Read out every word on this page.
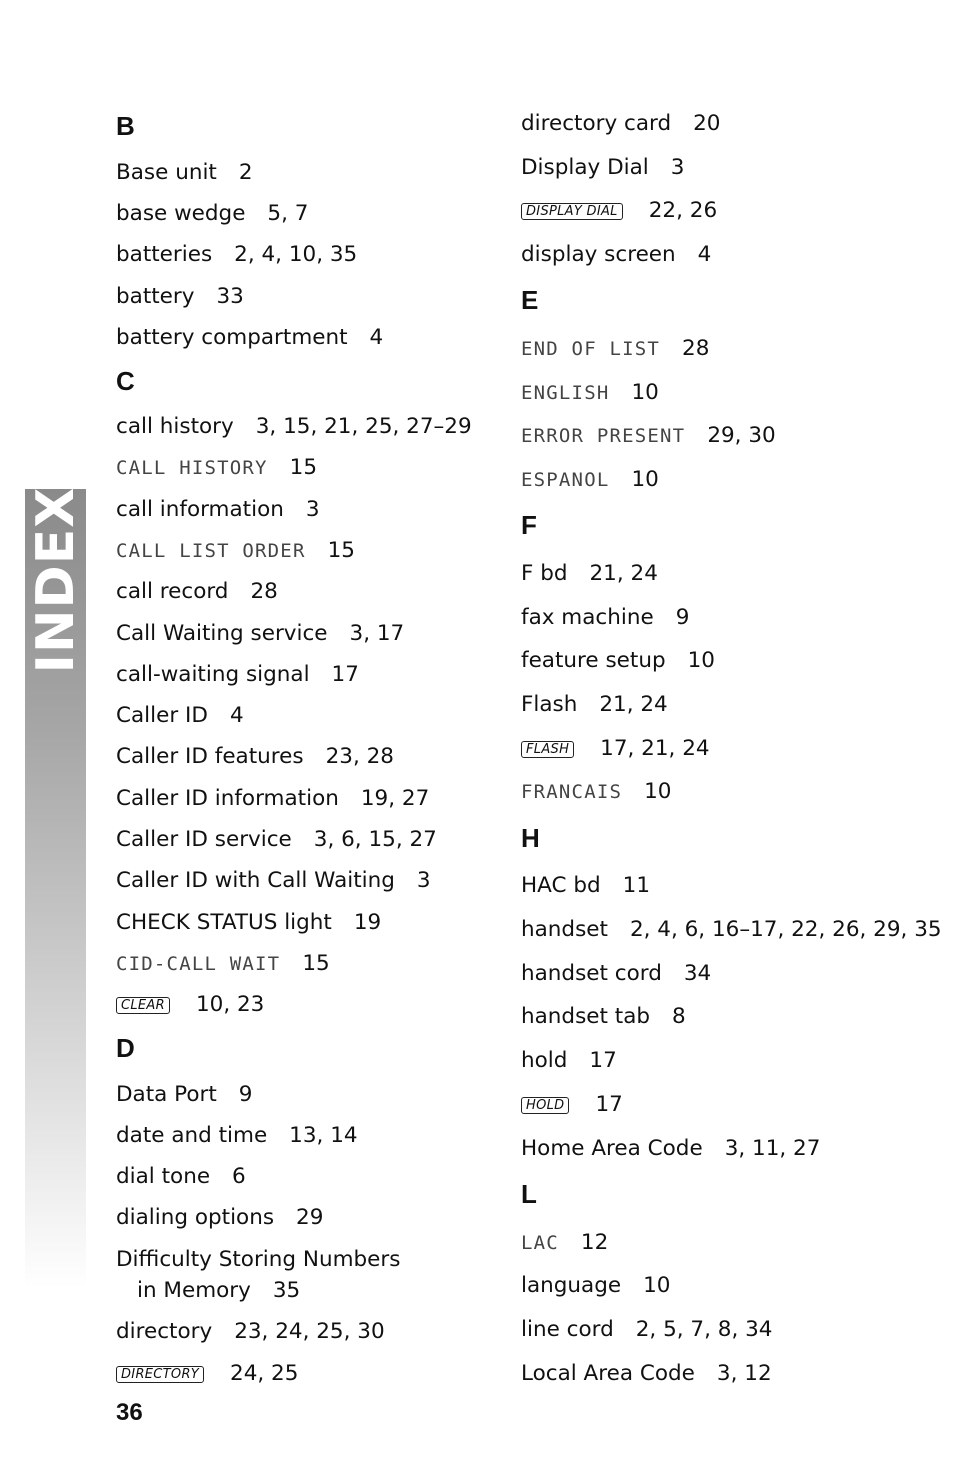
INDEX
B
Base unit 2
base wedge 5, 7
batteries 2, 4, 10, 35
battery 33
battery compartment 4
C
call history 3, 15, 21, 25, 27–29
CALL HISTORY 15
call information 3
CALL LIST ORDER 15
call record 28
Call Waiting service 3, 17
call-waiting signal 17
Caller ID 4
Caller ID features 23, 28
Caller ID information 19, 27
Caller ID service 3, 6, 15, 27
Caller ID with Call Waiting 3
CHECK STATUS light 19
CID-CALL WAIT 15
CLEAR 10, 23
D
Data Port 9
date and time 13, 14
dial tone 6
dialing options 29
Difficulty Storing Numbers
in Memory 35
directory 23, 24, 25, 30
DIRECTORY 24, 25
directory card 20
Display Dial 3
DISPLAY DIAL 22, 26
display screen 4
E
END OF LIST 28
ENGLISH 10
ERROR PRESENT 29, 30
ESPANOL 10
F
F bd 21, 24
fax machine 9
feature setup 10
Flash 21, 24
FLASH 17, 21, 24
FRANCAIS 10
H
HAC bd 11
handset 2, 4, 6, 16–17, 22, 26, 29, 35
handset cord 34
handset tab 8
hold 17
HOLD 17
Home Area Code 3, 11, 27
L
LAC 12
language 10
line cord 2, 5, 7, 8, 34
Local Area Code 3, 12
36
